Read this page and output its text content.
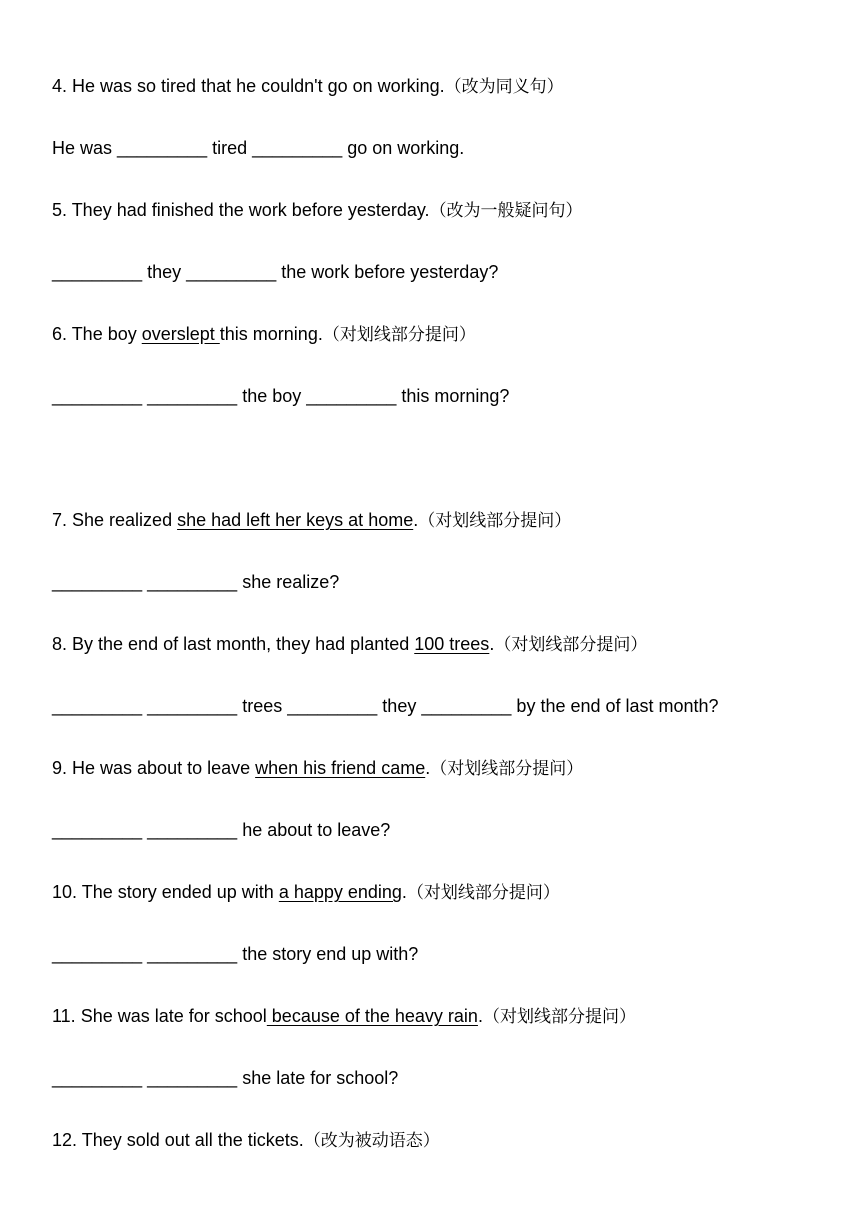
4. He was so tired that he couldn't go on working.（改为同义句）
He was _________ tired _________ go on working.
5. They had finished the work before yesterday.（改为一般疑问句）
_________ they _________ the work before yesterday?
6. The boy overslept this morning.（对划线部分提问）
_________ _________ the boy _________ this morning?
7. She realized she had left her keys at home.（对划线部分提问）
_________ _________ she realize?
8. By the end of last month, they had planted 100 trees.（对划线部分提问）
_________ _________ trees _________ they _________ by the end of last month?
9. He was about to leave when his friend came.（对划线部分提问）
_________ _________ he about to leave?
10. The story ended up with a happy ending.（对划线部分提问）
_________ _________ the story end up with?
11. She was late for school because of the heavy rain.（对划线部分提问）
_________ _________ she late for school?
12. They sold out all the tickets.（改为被动语态）
